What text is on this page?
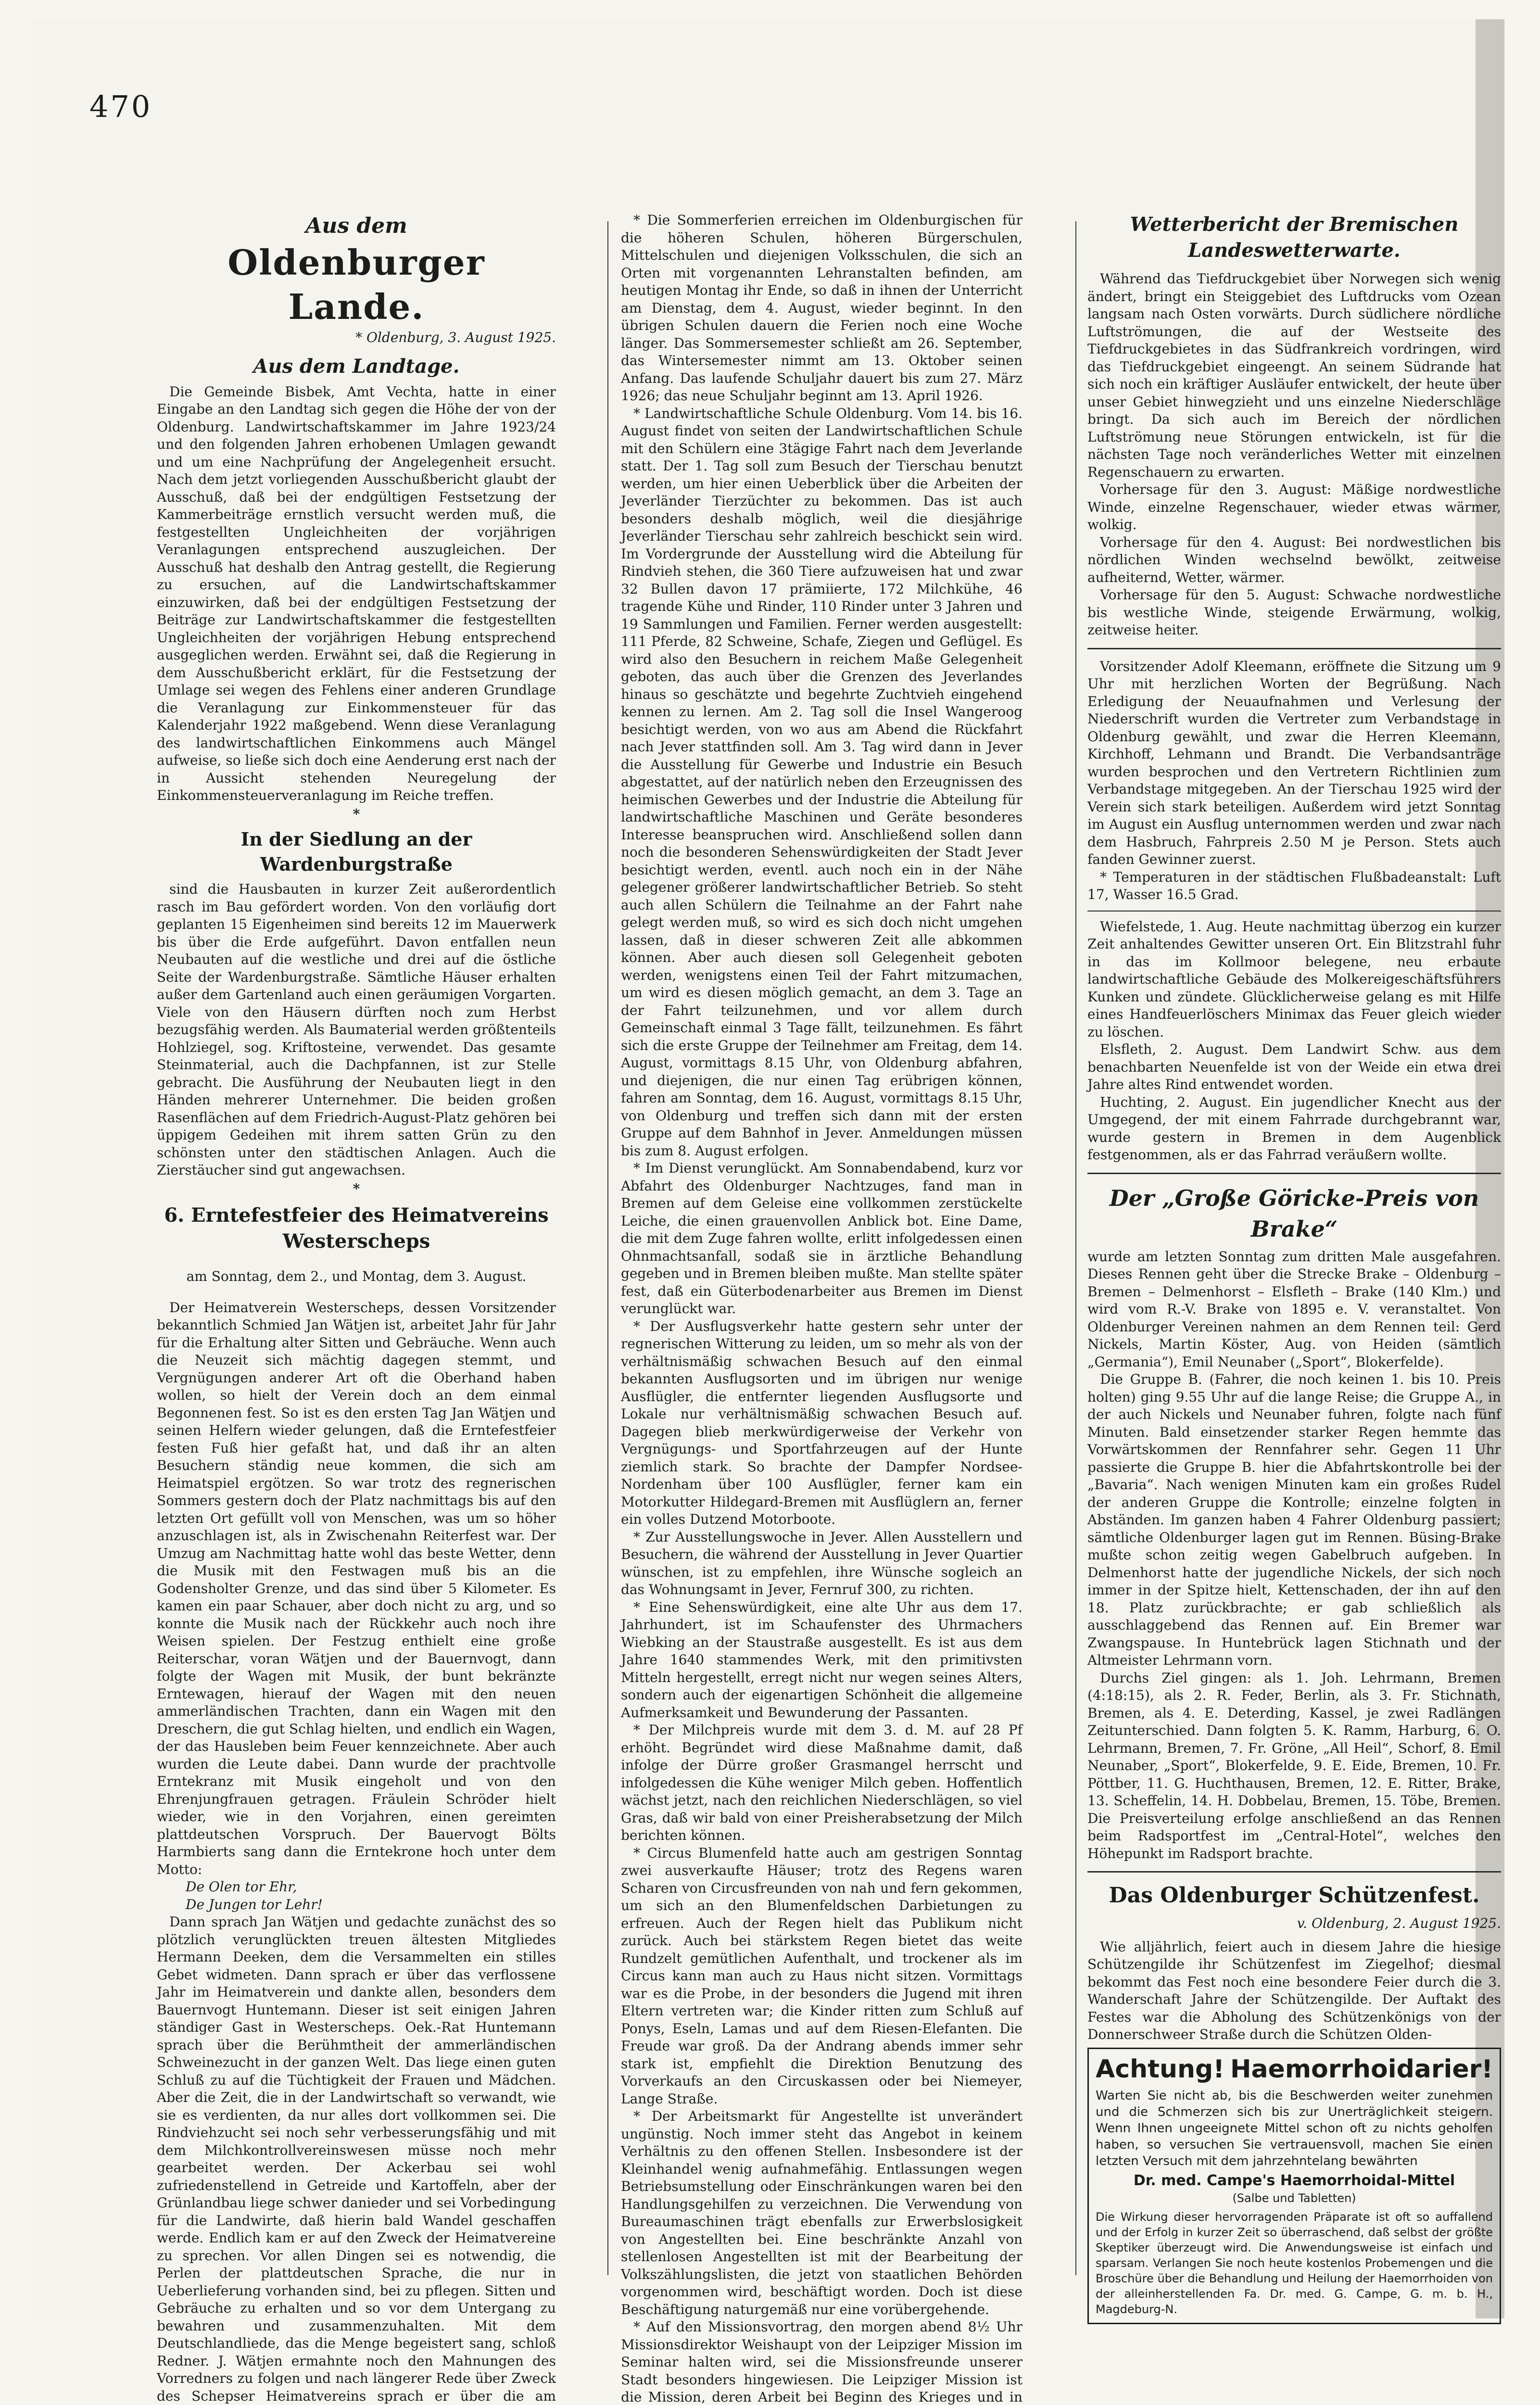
470

Aus dem

Oldenburger Lande.

* Oldenburg, 3. August 1925.

Aus dem Landtage.

Die Gemeinde Bisbek, Amt Vechta, hatte in einer Eingabe an den Landtag sich gegen die Höhe der von der Oldenburg. Landwirtschaftskammer im Jahre 1923/24 und den folgenden Jahren erhobenen Umlagen gewandt und um eine Nachprüfung der Angelegenheit ersucht. Nach dem jetzt vorliegenden Ausschußbericht glaubt der Ausschuß, daß bei der endgültigen Festsetzung der Kammerbeiträge ernstlich versucht werden muß, die festgestellten Ungleichheiten der vorjährigen Veranlagungen entsprechend auszugleichen. Der Ausschuß hat deshalb den Antrag gestellt, die Regierung zu ersuchen, auf die Landwirtschaftskammer einzuwirken, daß bei der endgültigen Festsetzung der Beiträge zur Landwirtschaftskammer die festgestellten Ungleichheiten der vorjährigen Hebung entsprechend ausgeglichen werden. Erwähnt sei, daß die Regierung in dem Ausschußbericht erklärt, für die Festsetzung der Umlage sei wegen des Fehlens einer anderen Grundlage die Veranlagung zur Einkommensteuer für das Kalenderjahr 1922 maßgebend. Wenn diese Veranlagung des landwirtschaftlichen Einkommens auch Mängel aufweise, so ließe sich doch eine Aenderung erst nach der in Aussicht stehenden Neuregelung der Einkommensteuerveranlagung im Reiche treffen.

*

In der Siedlung an der Wardenburgstraße

sind die Hausbauten in kurzer Zeit außerordentlich rasch im Bau gefördert worden. Von den vorläufig dort geplanten 15 Eigenheimen sind bereits 12 im Mauerwerk bis über die Erde aufgeführt. Davon entfallen neun Neubauten auf die westliche und drei auf die östliche Seite der Wardenburgstraße. Sämtliche Häuser erhalten außer dem Gartenland auch einen geräumigen Vorgarten. Viele von den Häusern dürften noch zum Herbst bezugsfähig werden. Als Baumaterial werden größtenteils Hohlziegel, sog. Kriftosteine, verwendet. Das gesamte Steinmaterial, auch die Dachpfannen, ist zur Stelle gebracht. Die Ausführung der Neubauten liegt in den Händen mehrerer Unternehmer. Die beiden großen Rasenflächen auf dem Friedrich-August-Platz gehören bei üppigem Gedeihen mit ihrem satten Grün zu den schönsten unter den städtischen Anlagen. Auch die Zierstäucher sind gut angewachsen.

*

6. Erntefestfeier des Heimatvereins Westerscheps

am Sonntag, dem 2., und Montag, dem 3. August.

Der Heimatverein Westerscheps, dessen Vorsitzender bekanntlich Schmied Jan Wätjen ist, arbeitet Jahr für Jahr für die Erhaltung alter Sitten und Gebräuche. Wenn auch die Neuzeit sich mächtig dagegen stemmt, und Vergnügungen anderer Art oft die Oberhand haben wollen, so hielt der Verein doch an dem einmal Begonnenen fest. So ist es den ersten Tag Jan Wätjen und seinen Helfern wieder gelungen, daß die Erntefestfeier festen Fuß hier gefaßt hat, und daß ihr an alten Besuchern ständig neue kommen, die sich am Heimatspiel ergötzen. So war trotz des regnerischen Sommers gestern doch der Platz nachmittags bis auf den letzten Ort gefüllt voll von Menschen, was um so höher anzuschlagen ist, als in Zwischenahn Reiterfest war. Der Umzug am Nachmittag hatte wohl das beste Wetter, denn die Musik mit den Festwagen muß bis an die Godensholter Grenze, und das sind über 5 Kilometer. Es kamen ein paar Schauer, aber doch nicht zu arg, und so konnte die Musik nach der Rückkehr auch noch ihre Weisen spielen. Der Festzug enthielt eine große Reiterschar, voran Wätjen und der Bauernvogt, dann folgte der Wagen mit Musik, der bunt bekränzte Erntewagen, hierauf der Wagen mit den neuen ammerländischen Trachten, dann ein Wagen mit den Dreschern, die gut Schlag hielten, und endlich ein Wagen, der das Hausleben beim Feuer kennzeichnete. Aber auch wurden die Leute dabei. Dann wurde der prachtvolle Erntekranz mit Musik eingeholt und von den Ehrenjungfrauen getragen. Fräulein Schröder hielt wieder, wie in den Vorjahren, einen gereimten plattdeutschen Vorspruch. Der Bauervogt Bölts Harmbierts sang dann die Erntekrone hoch unter dem Motto:

De Olen tor Ehr,

De Jungen tor Lehr!

Dann sprach Jan Wätjen und gedachte zunächst des so plötzlich verunglückten treuen ältesten Mitgliedes Hermann Deeken, dem die Versammelten ein stilles Gebet widmeten. Dann sprach er über das verflossene Jahr im Heimatverein und dankte allen, besonders dem Bauernvogt Huntemann. Dieser ist seit einigen Jahren ständiger Gast in Westerscheps. Oek.-Rat Huntemann sprach über die Berühmtheit der ammerländischen Schweinezucht in der ganzen Welt. Das liege einen guten Schluß zu auf die Tüchtigkeit der Frauen und Mädchen. Aber die Zeit, die in der Landwirtschaft so verwandt, wie sie es verdienten, da nur alles dort vollkommen sei. Die Rindviehzucht sei noch sehr verbesserungsfähig und mit dem Milchkontrollvereinswesen müsse noch mehr gearbeitet werden. Der Ackerbau sei wohl zufriedenstellend in Getreide und Kartoffeln, aber der Grünlandbau liege schwer danieder und sei Vorbedingung für die Landwirte, daß hierin bald Wandel geschaffen werde. Endlich kam er auf den Zweck der Heimatvereine zu sprechen. Vor allen Dingen sei es notwendig, die Perlen der plattdeutschen Sprache, die nur in Ueberlieferung vorhanden sind, bei zu pflegen. Sitten und Gebräuche zu erhalten und so vor dem Untergang zu bewahren und zusammenzuhalten. Mit dem Deutschlandliede, das die Menge begeistert sang, schloß Redner. J. Wätjen ermahnte noch den Mahnungen des Vorredners zu folgen und nach längerer Rede über Zweck des Schepser Heimatvereins sprach er über die am

* Die Sommerferien erreichen im Oldenburgischen für die höheren Schulen, höheren Bürgerschulen, Mittelschulen und diejenigen Volksschulen, die sich an Orten mit vorgenannten Lehranstalten befinden, am heutigen Montag ihr Ende, so daß in ihnen der Unterricht am Dienstag, dem 4. August, wieder beginnt. In den übrigen Schulen dauern die Ferien noch eine Woche länger. Das Sommersemester schließt am 26. September, das Wintersemester nimmt am 13. Oktober seinen Anfang. Das laufende Schuljahr dauert bis zum 27. März 1926; das neue Schuljahr beginnt am 13. April 1926.

* Landwirtschaftliche Schule Oldenburg. Vom 14. bis 16. August findet von seiten der Landwirtschaftlichen Schule mit den Schülern eine 3tägige Fahrt nach dem Jeverlande statt. Der 1. Tag soll zum Besuch der Tierschau benutzt werden, um hier einen Ueberblick über die Arbeiten der Jeverländer Tierzüchter zu bekommen. Das ist auch besonders deshalb möglich, weil die diesjährige Jeverländer Tierschau sehr zahlreich beschickt sein wird. Im Vordergrunde der Ausstellung wird die Abteilung für Rindvieh stehen, die 360 Tiere aufzuweisen hat und zwar 32 Bullen davon 17 prämiierte, 172 Milchkühe, 46 tragende Kühe und Rinder, 110 Rinder unter 3 Jahren und 19 Sammlungen und Familien. Ferner werden ausgestellt: 111 Pferde, 82 Schweine, Schafe, Ziegen und Geflügel. Es wird also den Besuchern in reichem Maße Gelegenheit geboten, das auch über die Grenzen des Jeverlandes hinaus so geschätzte und begehrte Zuchtvieh eingehend kennen zu lernen. Am 2. Tag soll die Insel Wangeroog besichtigt werden, von wo aus am Abend die Rückfahrt nach Jever stattfinden soll. Am 3. Tag wird dann in Jever die Ausstellung für Gewerbe und Industrie ein Besuch abgestattet, auf der natürlich neben den Erzeugnissen des heimischen Gewerbes und der Industrie die Abteilung für landwirtschaftliche Maschinen und Geräte besonderes Interesse beanspruchen wird. Anschließend sollen dann noch die besonderen Sehenswürdigkeiten der Stadt Jever besichtigt werden, eventl. auch noch ein in der Nähe gelegener größerer landwirtschaftlicher Betrieb. So steht auch allen Schülern die Teilnahme an der Fahrt nahe gelegt werden muß, so wird es sich doch nicht umgehen lassen, daß in dieser schweren Zeit alle abkommen können. Aber auch diesen soll Gelegenheit geboten werden, wenigstens einen Teil der Fahrt mitzumachen, um wird es diesen möglich gemacht, an dem 3. Tage an der Fahrt teilzunehmen, und vor allem durch Gemeinschaft einmal 3 Tage fällt, teilzunehmen. Es fährt sich die erste Gruppe der Teilnehmer am Freitag, dem 14. August, vormittags 8.15 Uhr, von Oldenburg abfahren, und diejenigen, die nur einen Tag erübrigen können, fahren am Sonntag, dem 16. August, vormittags 8.15 Uhr, von Oldenburg und treffen sich dann mit der ersten Gruppe auf dem Bahnhof in Jever. Anmeldungen müssen bis zum 8. August erfolgen.

* Im Dienst verunglückt. Am Sonnabendabend, kurz vor Abfahrt des Oldenburger Nachtzuges, fand man in Bremen auf dem Geleise eine vollkommen zerstückelte Leiche, die einen grauenvollen Anblick bot. Eine Dame, die mit dem Zuge fahren wollte, erlitt infolgedessen einen Ohnmachtsanfall, sodaß sie in ärztliche Behandlung gegeben und in Bremen bleiben mußte. Man stellte später fest, daß ein Güterbodenarbeiter aus Bremen im Dienst verunglückt war.

* Der Ausflugsverkehr hatte gestern sehr unter der regnerischen Witterung zu leiden, um so mehr als von der verhältnismäßig schwachen Besuch auf den einmal bekannten Ausflugsorten und im übrigen nur wenige Ausflügler, die entfernter liegenden Ausflugsorte und Lokale nur verhältnismäßig schwachen Besuch auf. Dagegen blieb merkwürdigerweise der Verkehr von Vergnügungs- und Sportfahrzeugen auf der Hunte ziemlich stark. So brachte der Dampfer Nordsee-Nordenham über 100 Ausflügler, ferner kam ein Motorkutter Hildegard-Bremen mit Ausflüglern an, ferner ein volles Dutzend Motorboote.

* Zur Ausstellungswoche in Jever. Allen Ausstellern und Besuchern, die während der Ausstellung in Jever Quartier wünschen, ist zu empfehlen, ihre Wünsche sogleich an das Wohnungsamt in Jever, Fernruf 300, zu richten.

* Eine Sehenswürdigkeit, eine alte Uhr aus dem 17. Jahrhundert, ist im Schaufenster des Uhrmachers Wiebking an der Staustraße ausgestellt. Es ist aus dem Jahre 1640 stammendes Werk, mit den primitivsten Mitteln hergestellt, erregt nicht nur wegen seines Alters, sondern auch der eigenartigen Schönheit die allgemeine Aufmerksamkeit und Bewunderung der Passanten.

* Der Milchpreis wurde mit dem 3. d. M. auf 28 Pf erhöht. Begründet wird diese Maßnahme damit, daß infolge der Dürre großer Grasmangel herrscht und infolgedessen die Kühe weniger Milch geben. Hoffentlich wächst jetzt, nach den reichlichen Niederschlägen, so viel Gras, daß wir bald von einer Preisherabsetzung der Milch berichten können.

* Circus Blumenfeld hatte auch am gestrigen Sonntag zwei ausverkaufte Häuser; trotz des Regens waren Scharen von Circusfreunden von nah und fern gekommen, um sich an den Blumenfeldschen Darbietungen zu erfreuen. Auch der Regen hielt das Publikum nicht zurück. Auch bei stärkstem Regen bietet das weite Rundzelt gemütlichen Aufenthalt, und trockener als im Circus kann man auch zu Haus nicht sitzen. Vormittags war es die Probe, in der besonders die Jugend mit ihren Eltern vertreten war; die Kinder ritten zum Schluß auf Ponys, Eseln, Lamas und auf dem Riesen-Elefanten. Die Freude war groß. Da der Andrang abends immer sehr stark ist, empfiehlt die Direktion Benutzung des Vorverkaufs an den Circuskassen oder bei Niemeyer, Lange Straße.

* Der Arbeitsmarkt für Angestellte ist unverändert ungünstig. Noch immer steht das Angebot in keinem Verhältnis zu den offenen Stellen. Insbesondere ist der Kleinhandel wenig aufnahmefähig. Entlassungen wegen Betriebsumstellung oder Einschränkungen waren bei den Handlungsgehilfen zu verzeichnen. Die Verwendung von Bureaumaschinen trägt ebenfalls zur Erwerbslosigkeit von Angestellten bei. Eine beschränkte Anzahl von stellenlosen Angestellten ist mit der Bearbeitung der Volkszählungslisten, die jetzt von staatlichen Behörden vorgenommen wird, beschäftigt worden. Doch ist diese Beschäftigung naturgemäß nur eine vorübergehende.

* Auf den Missionsvortrag, den morgen abend 8½ Uhr Missionsdirektor Weishaupt von der Leipziger Mission im Seminar halten wird, sei die Missionsfreunde unserer Stadt besonders hingewiesen. Die Leipziger Mission ist die Mission, deren Arbeit bei Beginn des Krieges und in

Wetterbericht der Bremischen Landeswetterwarte.

Während das Tiefdruckgebiet über Norwegen sich wenig ändert, bringt ein Steiggebiet des Luftdrucks vom Ozean langsam nach Osten vorwärts. Durch südlichere nördliche Luftströmungen, die auf der Westseite des Tiefdruckgebietes in das Südfrankreich vordringen, wird das Tiefdruckgebiet eingeengt. An seinem Südrande hat sich noch ein kräftiger Ausläufer entwickelt, der heute über unser Gebiet hinwegzieht und uns einzelne Niederschläge bringt. Da sich auch im Bereich der nördlichen Luftströmung neue Störungen entwickeln, ist für die nächsten Tage noch veränderliches Wetter mit einzelnen Regenschauern zu erwarten.

Vorhersage für den 3. August: Mäßige nordwestliche Winde, einzelne Regenschauer, wieder etwas wärmer, wolkig.

Vorhersage für den 4. August: Bei nordwestlichen bis nördlichen Winden wechselnd bewölkt, zeitweise aufheiternd, Wetter, wärmer.

Vorhersage für den 5. August: Schwache nordwestliche bis westliche Winde, steigende Erwärmung, wolkig, zeitweise heiter.

Vorsitzender Adolf Kleemann, eröffnete die Sitzung um 9 Uhr mit herzlichen Worten der Begrüßung. Nach Erledigung der Neuaufnahmen und Verlesung der Niederschrift wurden die Vertreter zum Verbandstage in Oldenburg gewählt, und zwar die Herren Kleemann, Kirchhoff, Lehmann und Brandt. Die Verbandsanträge wurden besprochen und den Vertretern Richtlinien zum Verbandstage mitgegeben. An der Tierschau 1925 wird der Verein sich stark beteiligen. Außerdem wird jetzt Sonntag im August ein Ausflug unternommen werden und zwar nach dem Hasbruch, Fahrpreis 2.50 M je Person. Stets auch fanden Gewinner zuerst.

* Temperaturen in der städtischen Flußbadeanstalt: Luft 17, Wasser 16.5 Grad.

Wiefelstede, 1. Aug. Heute nachmittag überzog ein kurzer Zeit anhaltendes Gewitter unseren Ort. Ein Blitzstrahl fuhr in das im Kollmoor belegene, neu erbaute landwirtschaftliche Gebäude des Molkereigeschäftsführers Kunken und zündete. Glücklicherweise gelang es mit Hilfe eines Handfeuerlöschers Minimax das Feuer gleich wieder zu löschen.

Elsfleth, 2. August. Dem Landwirt Schw. aus dem benachbarten Neuenfelde ist von der Weide ein etwa drei Jahre altes Rind entwendet worden.

Huchting, 2. August. Ein jugendlicher Knecht aus der Umgegend, der mit einem Fahrrade durchgebrannt war, wurde gestern in Bremen in dem Augenblick festgenommen, als er das Fahrrad veräußern wollte.

Der „Große Göricke-Preis von Brake“

wurde am letzten Sonntag zum dritten Male ausgefahren. Dieses Rennen geht über die Strecke Brake – Oldenburg – Bremen – Delmenhorst – Elsfleth – Brake (140 Klm.) und wird vom R.-V. Brake von 1895 e. V. veranstaltet. Von Oldenburger Vereinen nahmen an dem Rennen teil: Gerd Nickels, Martin Köster, Aug. von Heiden (sämtlich „Germania“), Emil Neunaber („Sport“, Blokerfelde).

Die Gruppe B. (Fahrer, die noch keinen 1. bis 10. Preis holten) ging 9.55 Uhr auf die lange Reise; die Gruppe A., in der auch Nickels und Neunaber fuhren, folgte nach fünf Minuten. Bald einsetzender starker Regen hemmte das Vorwärtskommen der Rennfahrer sehr. Gegen 11 Uhr passierte die Gruppe B. hier die Abfahrtskontrolle bei der „Bavaria“. Nach wenigen Minuten kam ein großes Rudel der anderen Gruppe die Kontrolle; einzelne folgten in Abständen. Im ganzen haben 4 Fahrer Oldenburg passiert; sämtliche Oldenburger lagen gut im Rennen. Büsing-Brake mußte schon zeitig wegen Gabelbruch aufgeben. In Delmenhorst hatte der jugendliche Nickels, der sich noch immer in der Spitze hielt, Kettenschaden, der ihn auf den 18. Platz zurückbrachte; er gab schließlich als ausschlaggebend das Rennen auf. Ein Bremer war Zwangspause. In Huntebrück lagen Stichnath und der Altmeister Lehrmann vorn.

Durchs Ziel gingen: als 1. Joh. Lehrmann, Bremen (4:18:15), als 2. R. Feder, Berlin, als 3. Fr. Stichnath, Bremen, als 4. E. Deterding, Kassel, je zwei Radlängen Zeitunterschied. Dann folgten 5. K. Ramm, Harburg, 6. O. Lehrmann, Bremen, 7. Fr. Gröne, „All Heil“, Schorf, 8. Emil Neunaber, „Sport“, Blokerfelde, 9. E. Eide, Bremen, 10. Fr. Pöttber, 11. G. Huchthausen, Bremen, 12. E. Ritter, Brake, 13. Scheffelin, 14. H. Dobbelau, Bremen, 15. Töbe, Bremen. Die Preisverteilung erfolge anschließend an das Rennen beim Radsportfest im „Central-Hotel“, welches den Höhepunkt im Radsport brachte.

Das Oldenburger Schützenfest.

v. Oldenburg, 2. August 1925.

Wie alljährlich, feiert auch in diesem Jahre die hiesige Schützengilde ihr Schützenfest im Ziegelhof; diesmal bekommt das Fest noch eine besondere Feier durch die 3. Wanderschaft Jahre der Schützengilde. Der Auftakt des Festes war die Abholung des Schützenkönigs von der Donnerschweer Straße durch die Schützen Olden-

Achtung! Haemorrhoidarier!

Warten Sie nicht ab, bis die Beschwerden weiter zunehmen und die Schmerzen sich bis zur Unerträglichkeit steigern. Wenn Ihnen ungeeignete Mittel schon oft zu nichts geholfen haben, so versuchen Sie vertrauensvoll, machen Sie einen letzten Versuch mit dem jahrzehntelang bewährten

Dr. med. Campe's Haemorrhoidal-Mittel

(Salbe und Tabletten)

Die Wirkung dieser hervorragenden Präparate ist oft so auffallend und der Erfolg in kurzer Zeit so überraschend, daß selbst der größte Skeptiker überzeugt wird. Die Anwendungsweise ist einfach und sparsam. Verlangen Sie noch heute kostenlos Probemengen und die Broschüre über die Behandlung und Heilung der Haemorrhoiden von der alleinherstellenden Fa. Dr. med. G. Campe, G. m. b. H., Magdeburg-N.
